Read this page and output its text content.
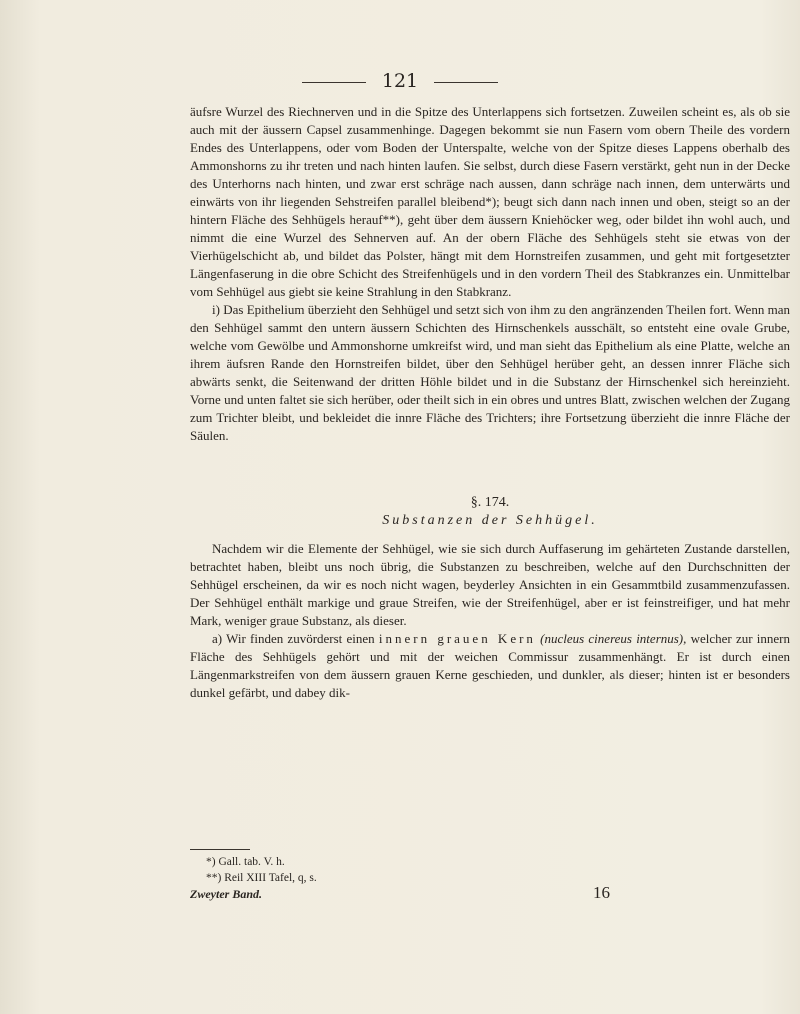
121

äufsre Wurzel des Riechnerven und in die Spitze des Unterlappens sich fortsetzen. Zuweilen scheint es, als ob sie auch mit der äussern Capsel zusammenhinge. Dagegen bekommt sie nun Fasern vom obern Theile des vordern Endes des Unterlappens, oder vom Boden der Unterspalte, welche von der Spitze dieses Lappens oberhalb des Ammonshorns zu ihr treten und nach hinten laufen. Sie selbst, durch diese Fasern verstärkt, geht nun in der Decke des Unterhorns nach hinten, und zwar erst schräge nach aussen, dann schräge nach innen, dem unterwärts und einwärts von ihr liegenden Sehstreifen parallel bleibend*); beugt sich dann nach innen und oben, steigt so an der hintern Fläche des Sehhügels herauf**), geht über dem äussern Kniehöcker weg, oder bildet ihn wohl auch, und nimmt die eine Wurzel des Sehnerven auf. An der obern Fläche des Sehhügels steht sie etwas von der Vierhügelschicht ab, und bildet das Polster, hängt mit dem Hornstreifen zusammen, und geht mit fortgesetzter Längenfaserung in die obre Schicht des Streifenhügels und in den vordern Theil des Stabkranzes ein. Unmittelbar vom Sehhügel aus giebt sie keine Strahlung in den Stabkranz.

i) Das Epithelium überzieht den Sehhügel und setzt sich von ihm zu den angränzenden Theilen fort. Wenn man den Sehhügel sammt den untern äussern Schichten des Hirnschenkels ausschält, so entsteht eine ovale Grube, welche vom Gewölbe und Ammonshorne umkreifst wird, und man sieht das Epithelium als eine Platte, welche an ihrem äufsren Rande den Hornstreifen bildet, über den Sehhügel herüber geht, an dessen innrer Fläche sich abwärts senkt, die Seitenwand der dritten Höhle bildet und in die Substanz der Hirnschenkel sich hereinzieht. Vorne und unten faltet sie sich herüber, oder theilt sich in ein obres und untres Blatt, zwischen welchen der Zugang zum Trichter bleibt, und bekleidet die innre Fläche des Trichters; ihre Fortsetzung überzieht die innre Fläche der Säulen.

§. 174.
Substanzen der Sehhügel.

Nachdem wir die Elemente der Sehhügel, wie sie sich durch Auffaserung im gehärteten Zustande darstellen, betrachtet haben, bleibt uns noch übrig, die Substanzen zu beschreiben, welche auf den Durchschnitten der Sehhügel erscheinen, da wir es noch nicht wagen, beyderley Ansichten in ein Gesammtbild zusammenzufassen. Der Sehhügel enthält markige und graue Streifen, wie der Streifenhügel, aber er ist feinstreifiger, und hat mehr Mark, weniger graue Substanz, als dieser.

a) Wir finden zuvörderst einen innern grauen Kern (nucleus cinereus internus), welcher zur innern Fläche des Sehhügels gehört und mit der weichen Commissur zusammenhängt. Er ist durch einen Längenmarkstreifen von dem äussern grauen Kerne geschieden, und dunkler, als dieser; hinten ist er besonders dunkel gefärbt, und dabey dik-

*) Gall. tab. V. h.
**) Reil XIII Tafel, q, s.
Zweyter Band.	16
